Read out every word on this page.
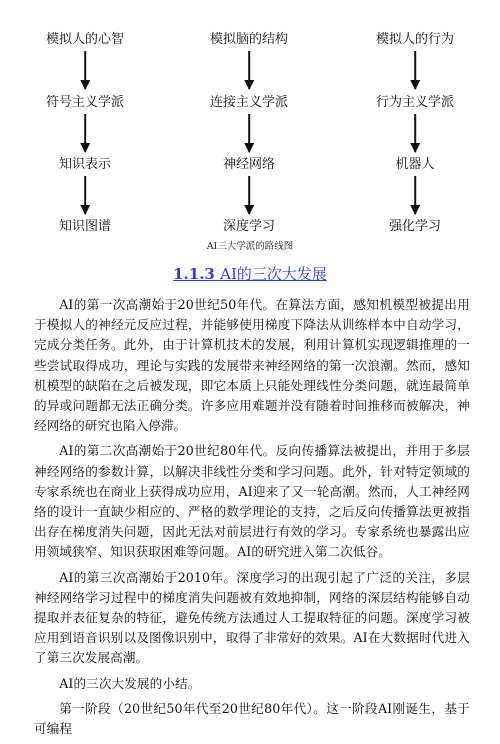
模拟人的心智
符号主义学派
知识表示
知识图谱
模拟脑的结构
连接主义学派
神经网络
深度学习
模拟人的行为
行为主义学派
机器人
强化学习
AI三大学派的路线图
1.1.3 AI的三次大发展

AI的第一次高潮始于20世纪50年代。在算法方面，感知机模型被提出用于模拟人的神经元反应过程，并能够使用梯度下降法从训练样本中自动学习，完成分类任务。此外，由于计算机技术的发展，利用计算机实现逻辑推理的一些尝试取得成功，理论与实践的发展带来神经网络的第一次浪潮。然而，感知机模型的缺陷在之后被发现，即它本质上只能处理线性分类问题，就连最简单的异或问题都无法正确分类。许多应用难题并没有随着时间推移而被解决，神经网络的研究也陷入停滞。

AI的第二次高潮始于20世纪80年代。反向传播算法被提出，并用于多层神经网络的参数计算，以解决非线性分类和学习问题。此外，针对特定领域的专家系统也在商业上获得成功应用，AI迎来了又一轮高潮。然而，人工神经网络的设计一直缺少相应的、严格的数学理论的支持，之后反向传播算法更被指出存在梯度消失问题，因此无法对前层进行有效的学习。专家系统也暴露出应用领域狭窄、知识获取困难等问题。AI的研究进入第二次低谷。

AI的第三次高潮始于2010年。深度学习的出现引起了广泛的关注，多层神经网络学习过程中的梯度消失问题被有效地抑制，网络的深层结构能够自动提取并表征复杂的特征，避免传统方法通过人工提取特征的问题。深度学习被应用到语音识别以及图像识别中，取得了非常好的效果。AI在大数据时代进入了第三次发展高潮。

AI的三次大发展的小结。

第一阶段（20世纪50年代至20世纪80年代）。这一阶段AI刚诞生，基于可编程
